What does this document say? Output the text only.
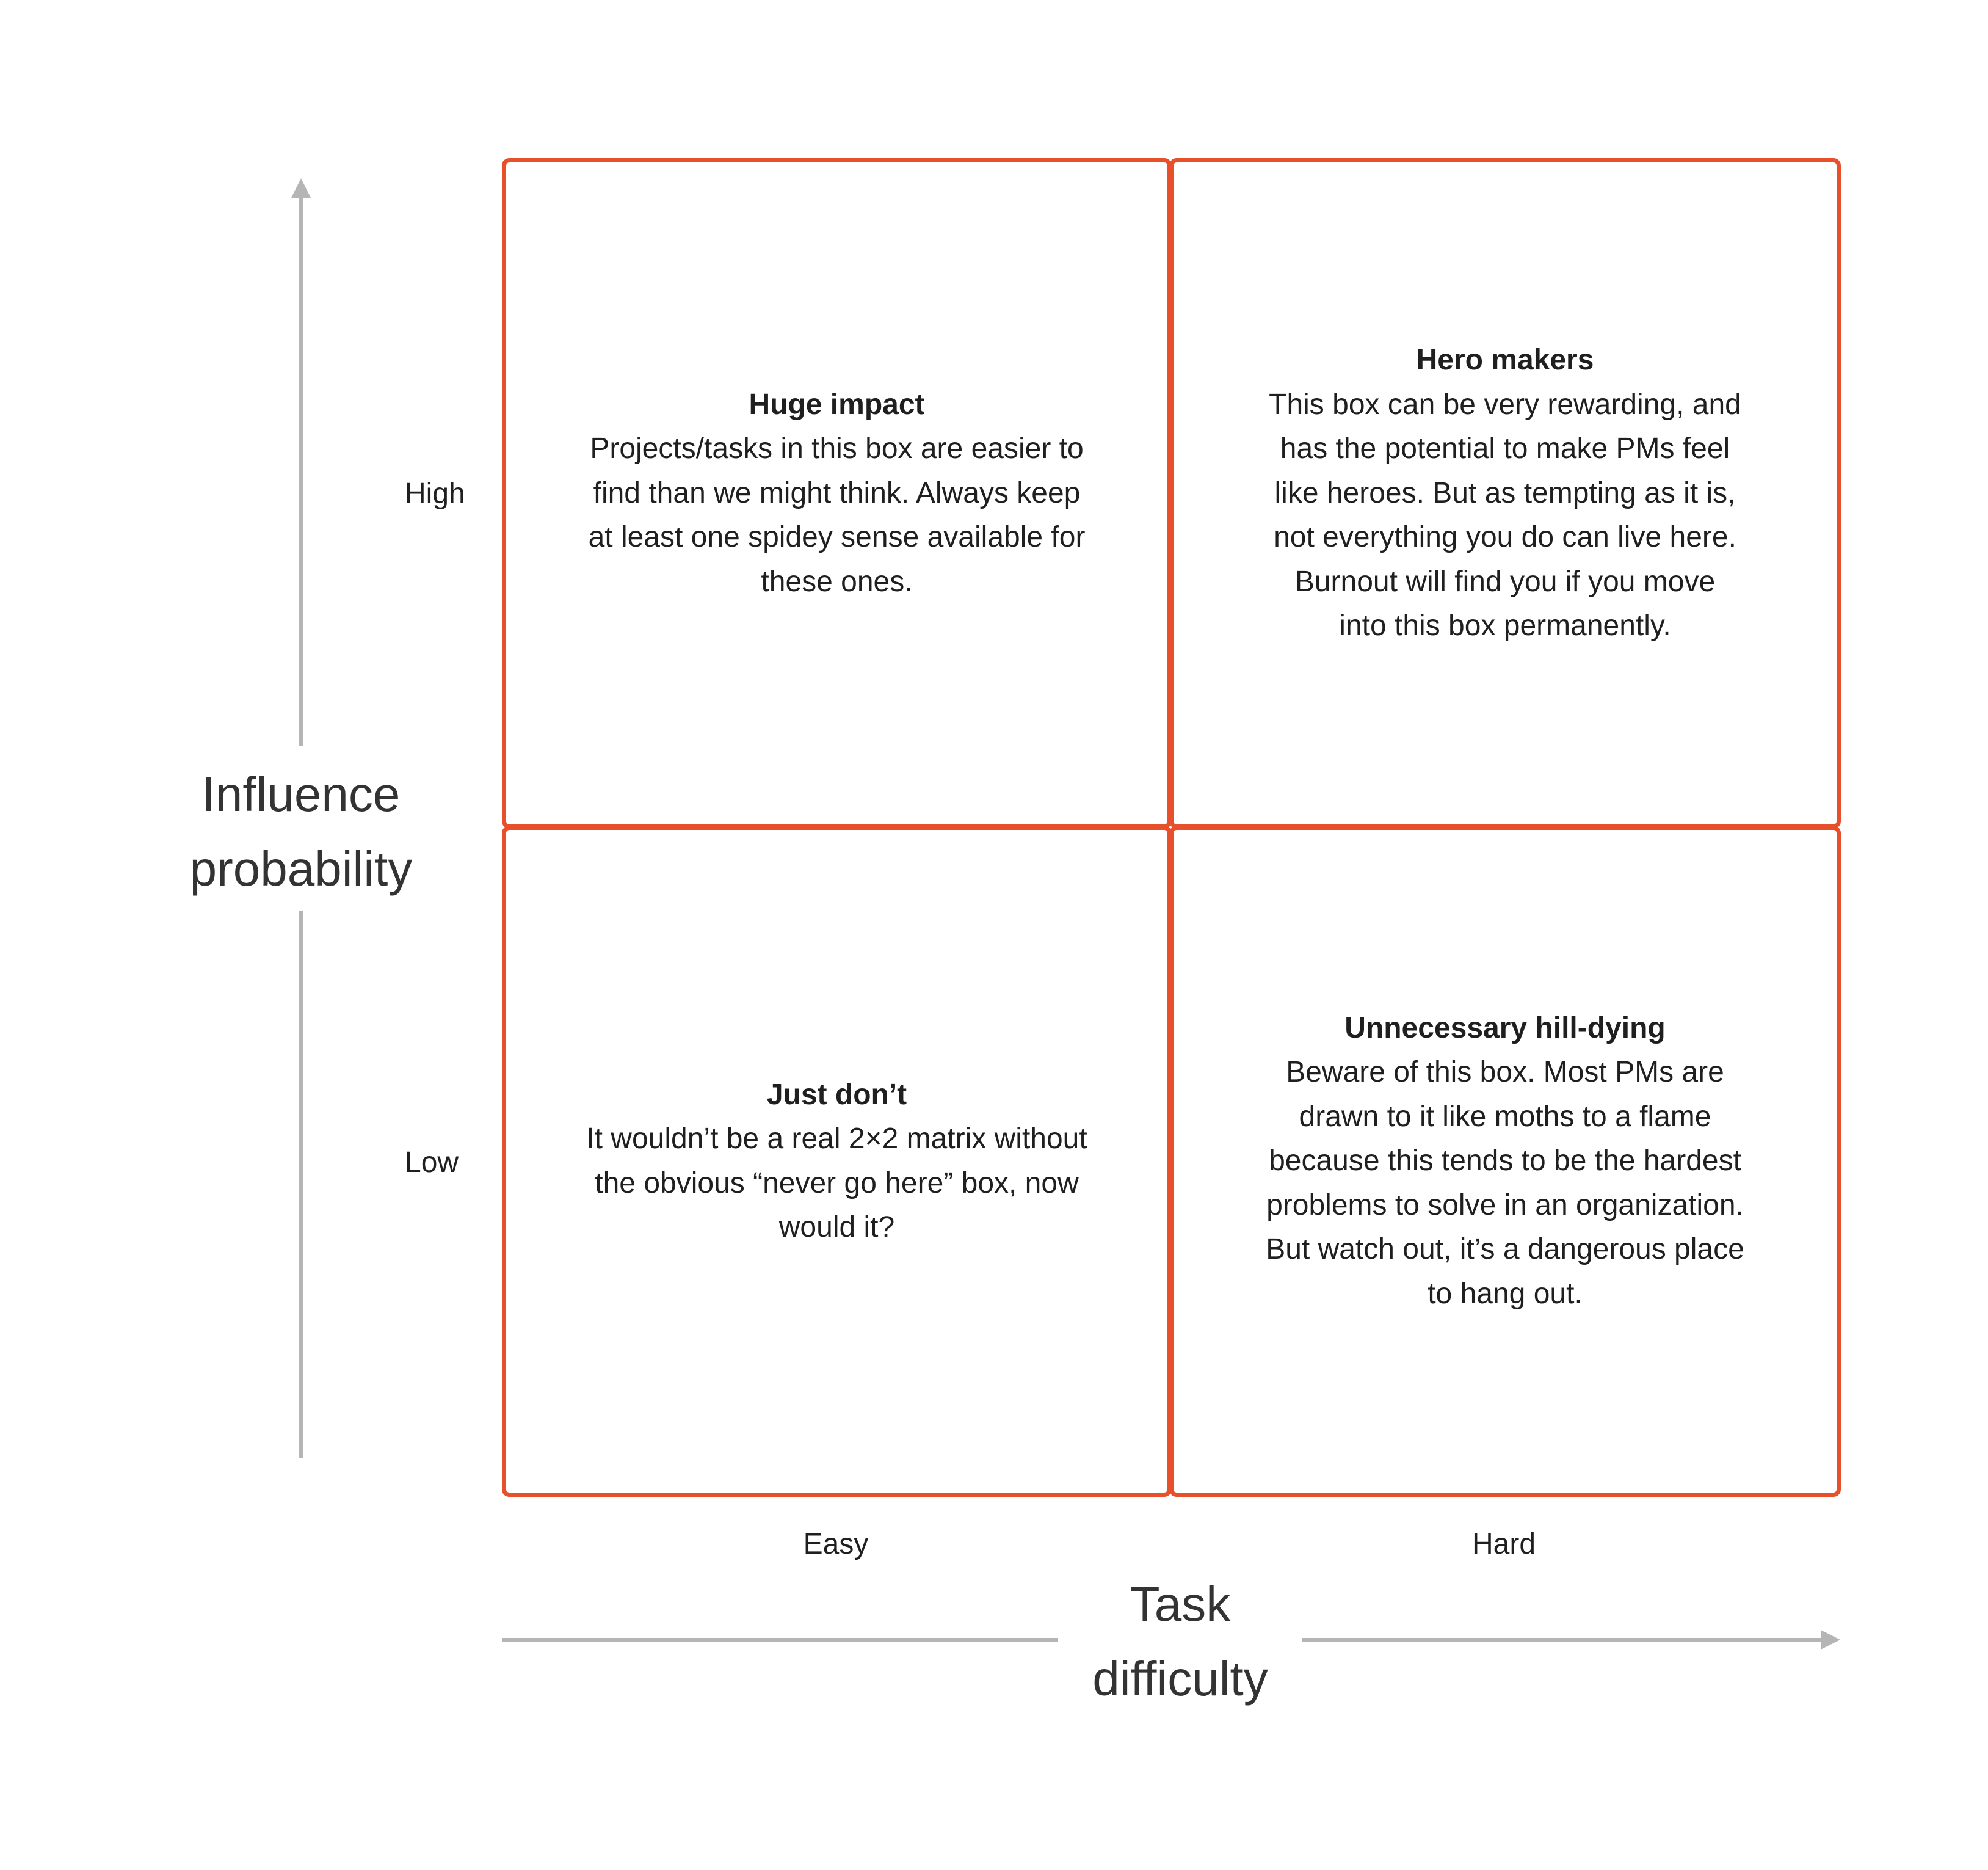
Influence
probability
Task
difficulty
High
Low
Easy	Hard
Huge impact
Projects/tasks in this box are easier to
find than we might think. Always keep
at least one spidey sense available for
these ones.
Hero makers
This box can be very rewarding, and
has the potential to make PMs feel
like heroes. But as tempting as it is,
not everything you do can live here.
Burnout will find you if you move
into this box permanently.
Just don’t
It wouldn’t be a real 2×2 matrix without
the obvious “never go here” box, now
would it?
Unnecessary hill-dying
Beware of this box. Most PMs are
drawn to it like moths to a flame
because this tends to be the hardest
problems to solve in an organization.
But watch out, it’s a dangerous place
to hang out.
